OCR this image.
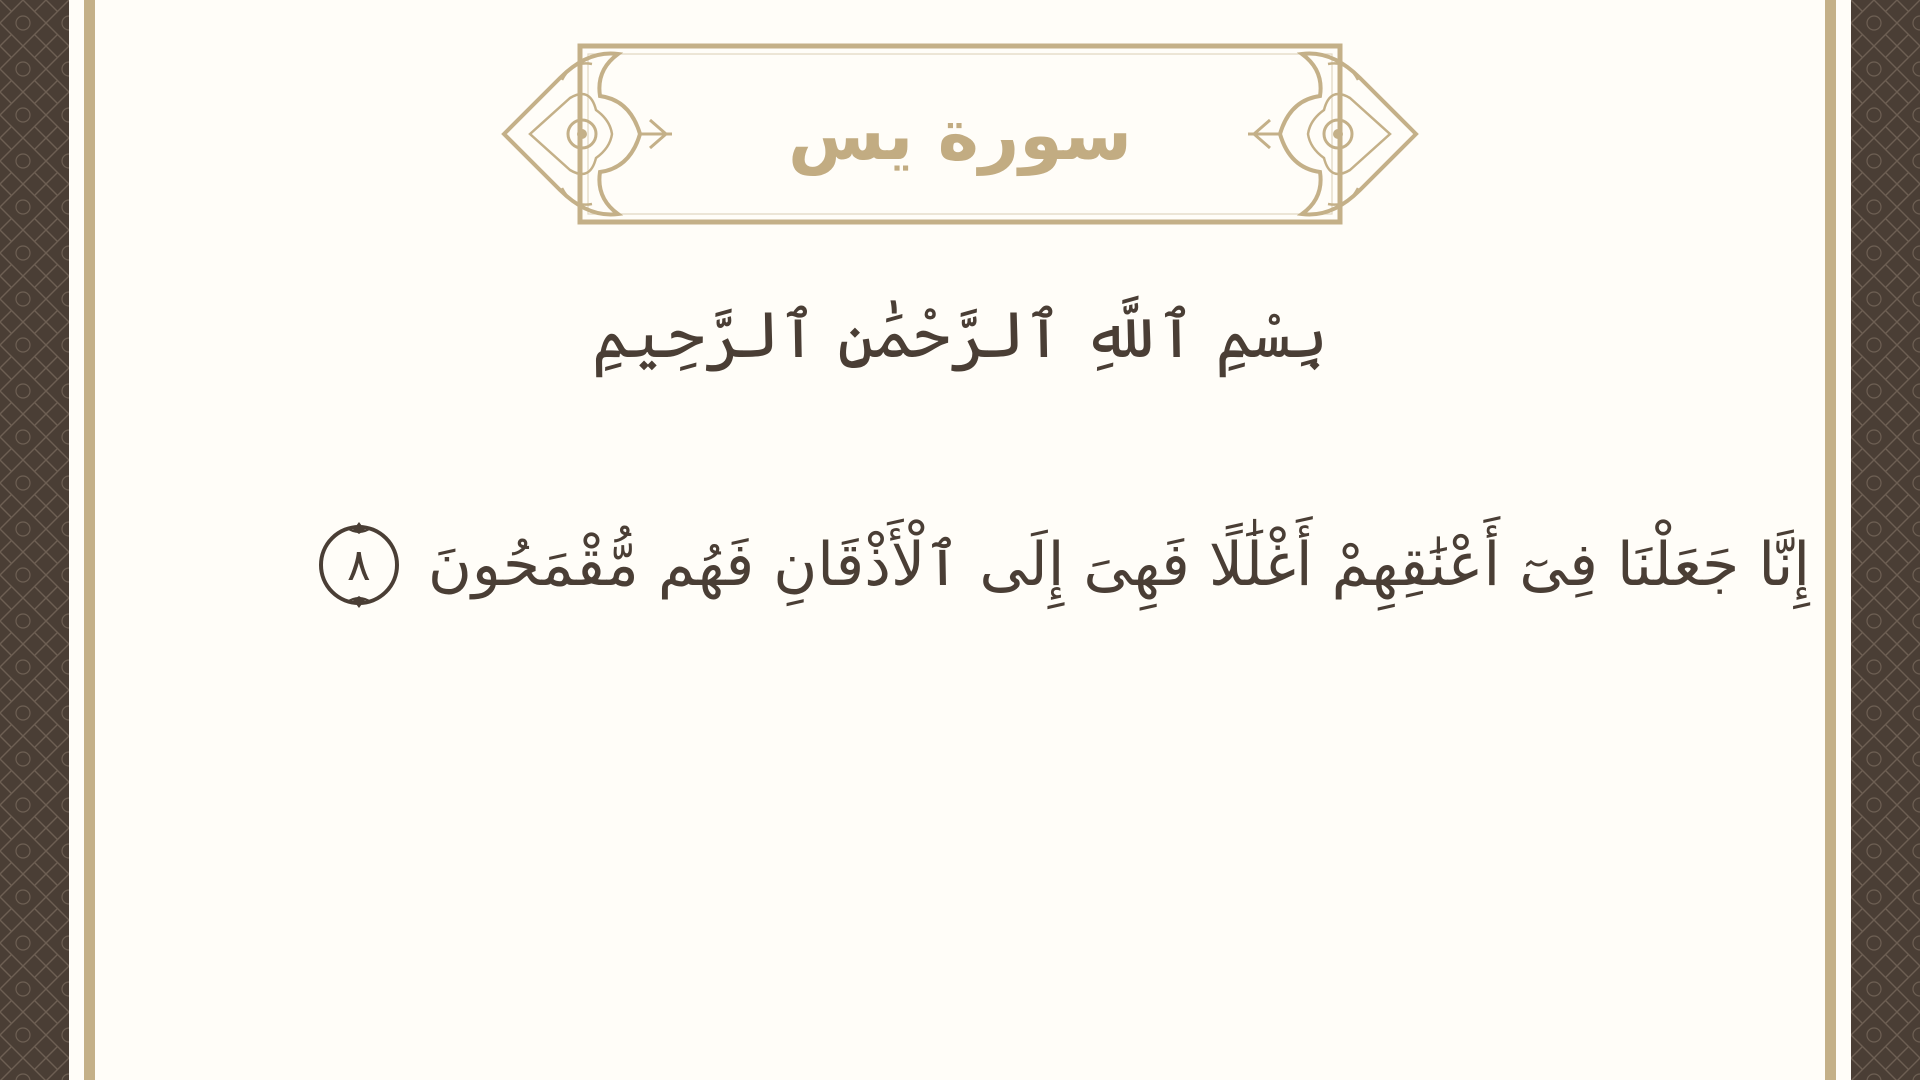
سورة يس
بِسْمِ ٱللَّهِ ٱلرَّحْمَٰنِ ٱلرَّحِيمِ
إِنَّا جَعَلْنَا فِىٓ أَعْنَٰقِهِمْ أَغْلَٰلًا فَهِىَ إِلَى ٱلْأَذْقَانِ فَهُم مُّقْمَحُونَ
٨
